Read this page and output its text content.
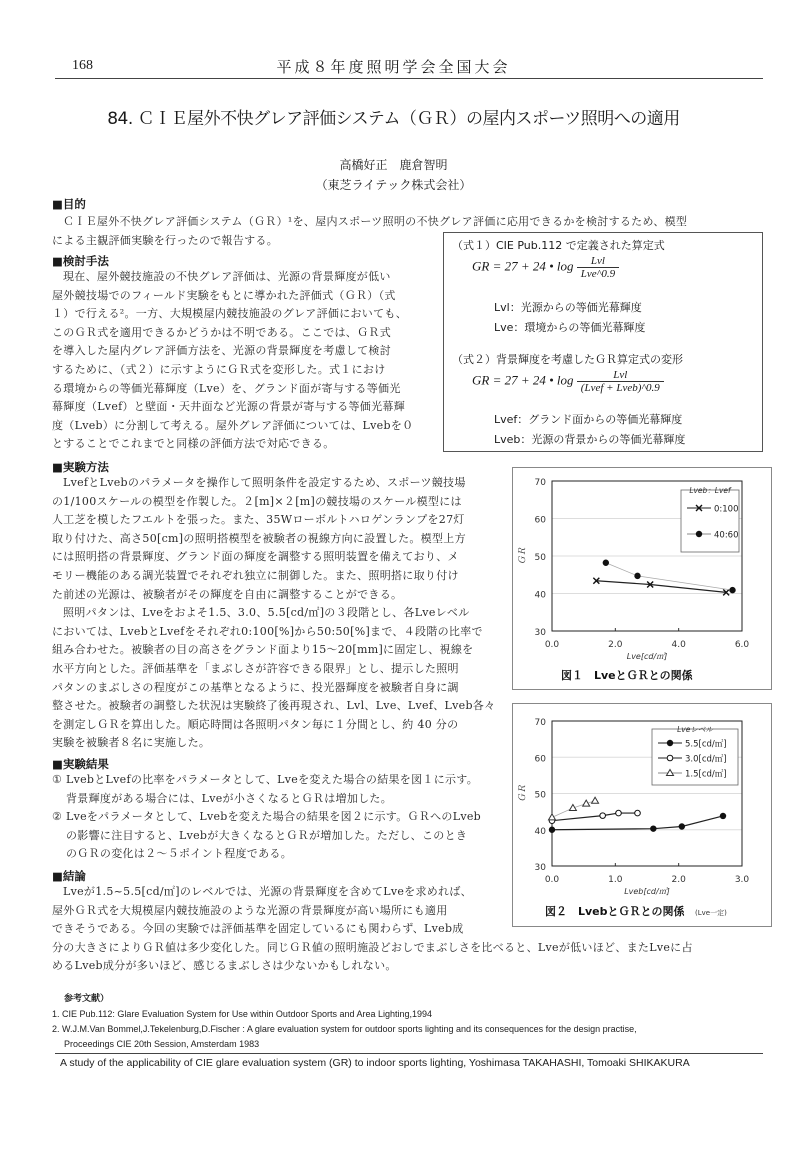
168	平成８年度照明学会全国大会
84. ＣＩＥ屋外不快グレア評価システム（ＧＲ）の屋内スポーツ照明への適用
高橋好正　鹿倉智明
（東芝ライテック株式会社）
■目的

ＣＩＥ屋外不快グレア評価システム（ＧＲ）¹を、屋内スポーツ照明の不快グレア評価に応用できるかを検討するため、模型

による主観評価実験を行ったので報告する。

■検討手法

現在、屋外競技施設の不快グレア評価は、光源の背景輝度が低い

屋外競技場でのフィールド実験をもとに導かれた評価式（ＧＲ）（式

１）で行える²。一方、大規模屋内競技施設のグレア評価においても、

このＧＲ式を適用できるかどうかは不明である。ここでは、ＧＲ式

を導入した屋内グレア評価方法を、光源の背景輝度を考慮して検討

するために、（式２）に示すようにＧＲ式を変形した。式１におけ

る環境からの等価光幕輝度（Lve）を、グランド面が寄与する等価光

幕輝度（Lvef）と壁面・天井面など光源の背景が寄与する等価光幕輝

度（Lveb）に分割して考える。屋外グレア評価については、Lvebを０

とすることでこれまでと同様の評価方法で対応できる。

（式１）CIE Pub.112 で定義された算定式
GR = 27 + 24 • $\log \frac{\text{Lvl}}{\text{Lve\textasciicircum{}0.9}}$
Lvl：光源からの等価光幕輝度
Lve：環境からの等価光幕輝度
（式２）背景輝度を考慮したＧＲ算定式の変形
GR = 27 + 24 • $\log \frac{\text{Lvl}}{\text{(Lvef + Lveb)\textasciicircum{}0.9}}$
Lvef：グランド面からの等価光幕輝度
Lveb：光源の背景からの等価光幕輝度
■実験方法

LvefとLvebのパラメータを操作して照明条件を設定するため、スポーツ競技場

の1/100スケールの模型を作製した。２[m]×２[m]の競技場のスケール模型には

人工芝を模したフエルトを張った。また、35Wローボルトハロゲンランプを27灯

取り付けた、高さ50[cm]の照明搭模型を被験者の視線方向に設置した。模型上方

には照明搭の背景輝度、グランド面の輝度を調整する照明装置を備えており、メ

モリー機能のある調光装置でそれぞれ独立に制御した。また、照明搭に取り付け

た前述の光源は、被験者がその輝度を自由に調整することができる。

照明パタンは、Lveをおよそ1.5、3.0、5.5[cd/㎡]の３段階とし、各Lveレベル

においては、LvebとLvefをそれぞれ0:100[%]から50:50[%]まで、４段階の比率で

組み合わせた。被験者の目の高さをグランド面より15～20[mm]に固定し、視線を

水平方向とした。評価基準を「まぶしさが許容できる限界」とし、提示した照明

パタンのまぶしさの程度がこの基準となるように、投光器輝度を被験者自身に調

整させた。被験者の調整した状況は実験終了後再現され、Lvl、Lve、Lvef、Lveb各々

を測定しＧＲを算出した。順応時間は各照明パタン毎に１分間とし、約 40 分の

実験を被験者８名に実施した。

■実験結果

① LvebとLvefの比率をパラメータとして、Lveを変えた場合の結果を図１に示す。

背景輝度がある場合には、Lveが小さくなるとＧＲは増加した。

② Lveをパラメータとして、Lvebを変えた場合の結果を図２に示す。ＧＲへのLveb

の影響に注目すると、Lvebが大きくなるとＧＲが増加した。ただし、このとき

のＧＲの変化は２～５ポイント程度である。

■結論

Lveが1.5~5.5[cd/㎡]のレベルでは、光源の背景輝度を含めてLveを求めれば、

屋外ＧＲ式を大規模屋内競技施設のような光源の背景輝度が高い場所にも適用

できそうである。今回の実験では評価基準を固定しているにも関わらず、Lveb成

分の大きさによりＧＲ値は多少変化した。同じＧＲ値の照明施設どおしでまぶしさを比べると、Lveが低いほど、またLveに占

めるLveb成分が多いほど、感じるまぶしさは少ないかもしれない。

30
40
50
60
70
0.0	2.0	4.0	6.0
Lve[cd/㎡]
ＧＲ
Lveb：Lvef
0:100
40:60
図１　LveとＧＲとの関係
30
40
50
60
70
0.0	1.0	2.0	3.0
Lveb[cd/㎡]
ＧＲ
Lveレベル
5.5[cd/㎡]
3.0[cd/㎡]
1.5[cd/㎡]
図２　LvebとＧＲとの関係 (Lve一定)
参考文献）
1. CIE Pub.112: Glare Evaluation System for Use within Outdoor Sports and Area Lighting,1994
2. W.J.M.Van Bommel,J.Tekelenburg,D.Fischer : A glare evaluation system for outdoor sports lighting and its consequences for the design practise,
Proceedings CIE 20th Session, Amsterdam 1983
A study of the applicability of CIE glare evaluation system (GR) to indoor sports lighting, Yoshimasa TAKAHASHI, Tomoaki SHIKAKURA
